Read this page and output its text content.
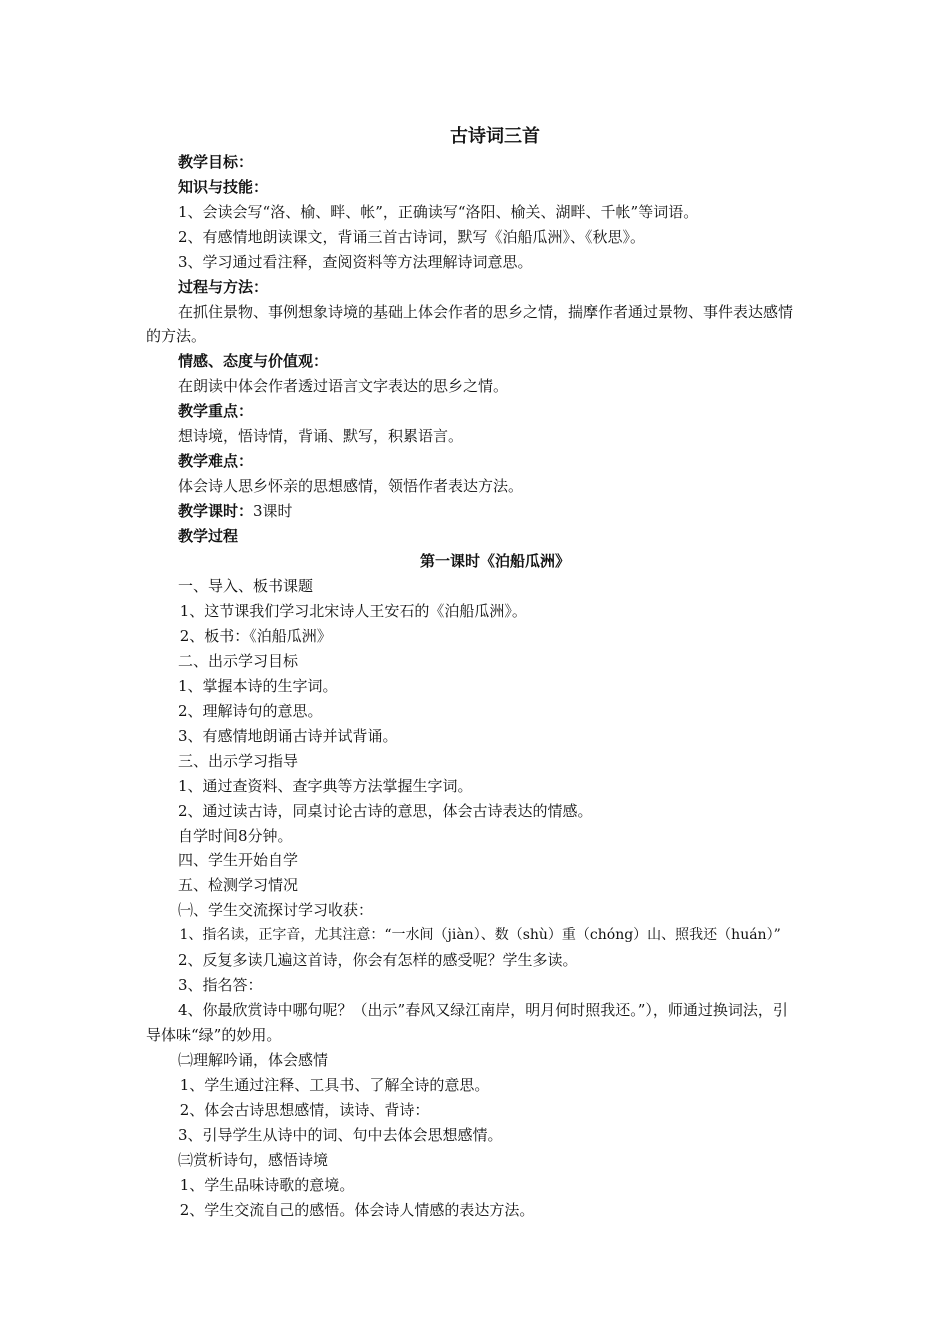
古诗词三首
教学目标：
知识与技能：
1、会读会写“洛、榆、畔、帐”，正确读写“洛阳、榆关、湖畔、千帐”等词语。
2、有感情地朗读课文，背诵三首古诗词，默写《泊船瓜洲》、《秋思》。
3、学习通过看注释，查阅资料等方法理解诗词意思。
过程与方法：
在抓住景物、事例想象诗境的基础上体会作者的思乡之情，揣摩作者通过景物、事件表达感情
的方法。
情感、态度与价值观：
在朗读中体会作者透过语言文字表达的思乡之情。
教学重点：
想诗境，悟诗情，背诵、默写，积累语言。
教学难点：
体会诗人思乡怀亲的思想感情，领悟作者表达方法。
教学课时：3课时
教学过程
第一课时《泊船瓜洲》
一、导入、板书课题
1、这节课我们学习北宋诗人王安石的《泊船瓜洲》。
2、板书：《泊船瓜洲》
二、出示学习目标
1、掌握本诗的生字词。
2、理解诗句的意思。
3、有感情地朗诵古诗并试背诵。
三、出示学习指导
1、通过查资料、查字典等方法掌握生字词。
2、通过读古诗，同桌讨论古诗的意思，体会古诗表达的情感。
自学时间8分钟。
四、学生开始自学
五、检测学习情况
㈠、学生交流探讨学习收获：
1、指名读，正字音，尤其注意：“一水间（jiàn）、数（shù）重（chóng）山、照我还（huán）”
2、反复多读几遍这首诗，你会有怎样的感受呢？学生多读。
3、指名答：
4、你最欣赏诗中哪句呢？（出示”春风又绿江南岸，明月何时照我还。”），师通过换词法，引
导体味“绿”的妙用。
㈡理解吟诵，体会感情
1、学生通过注释、工具书、了解全诗的意思。
2、体会古诗思想感情，读诗、背诗：
3、引导学生从诗中的词、句中去体会思想感情。
㈢赏析诗句，感悟诗境
1、学生品味诗歌的意境。
2、学生交流自己的感悟。体会诗人情感的表达方法。
